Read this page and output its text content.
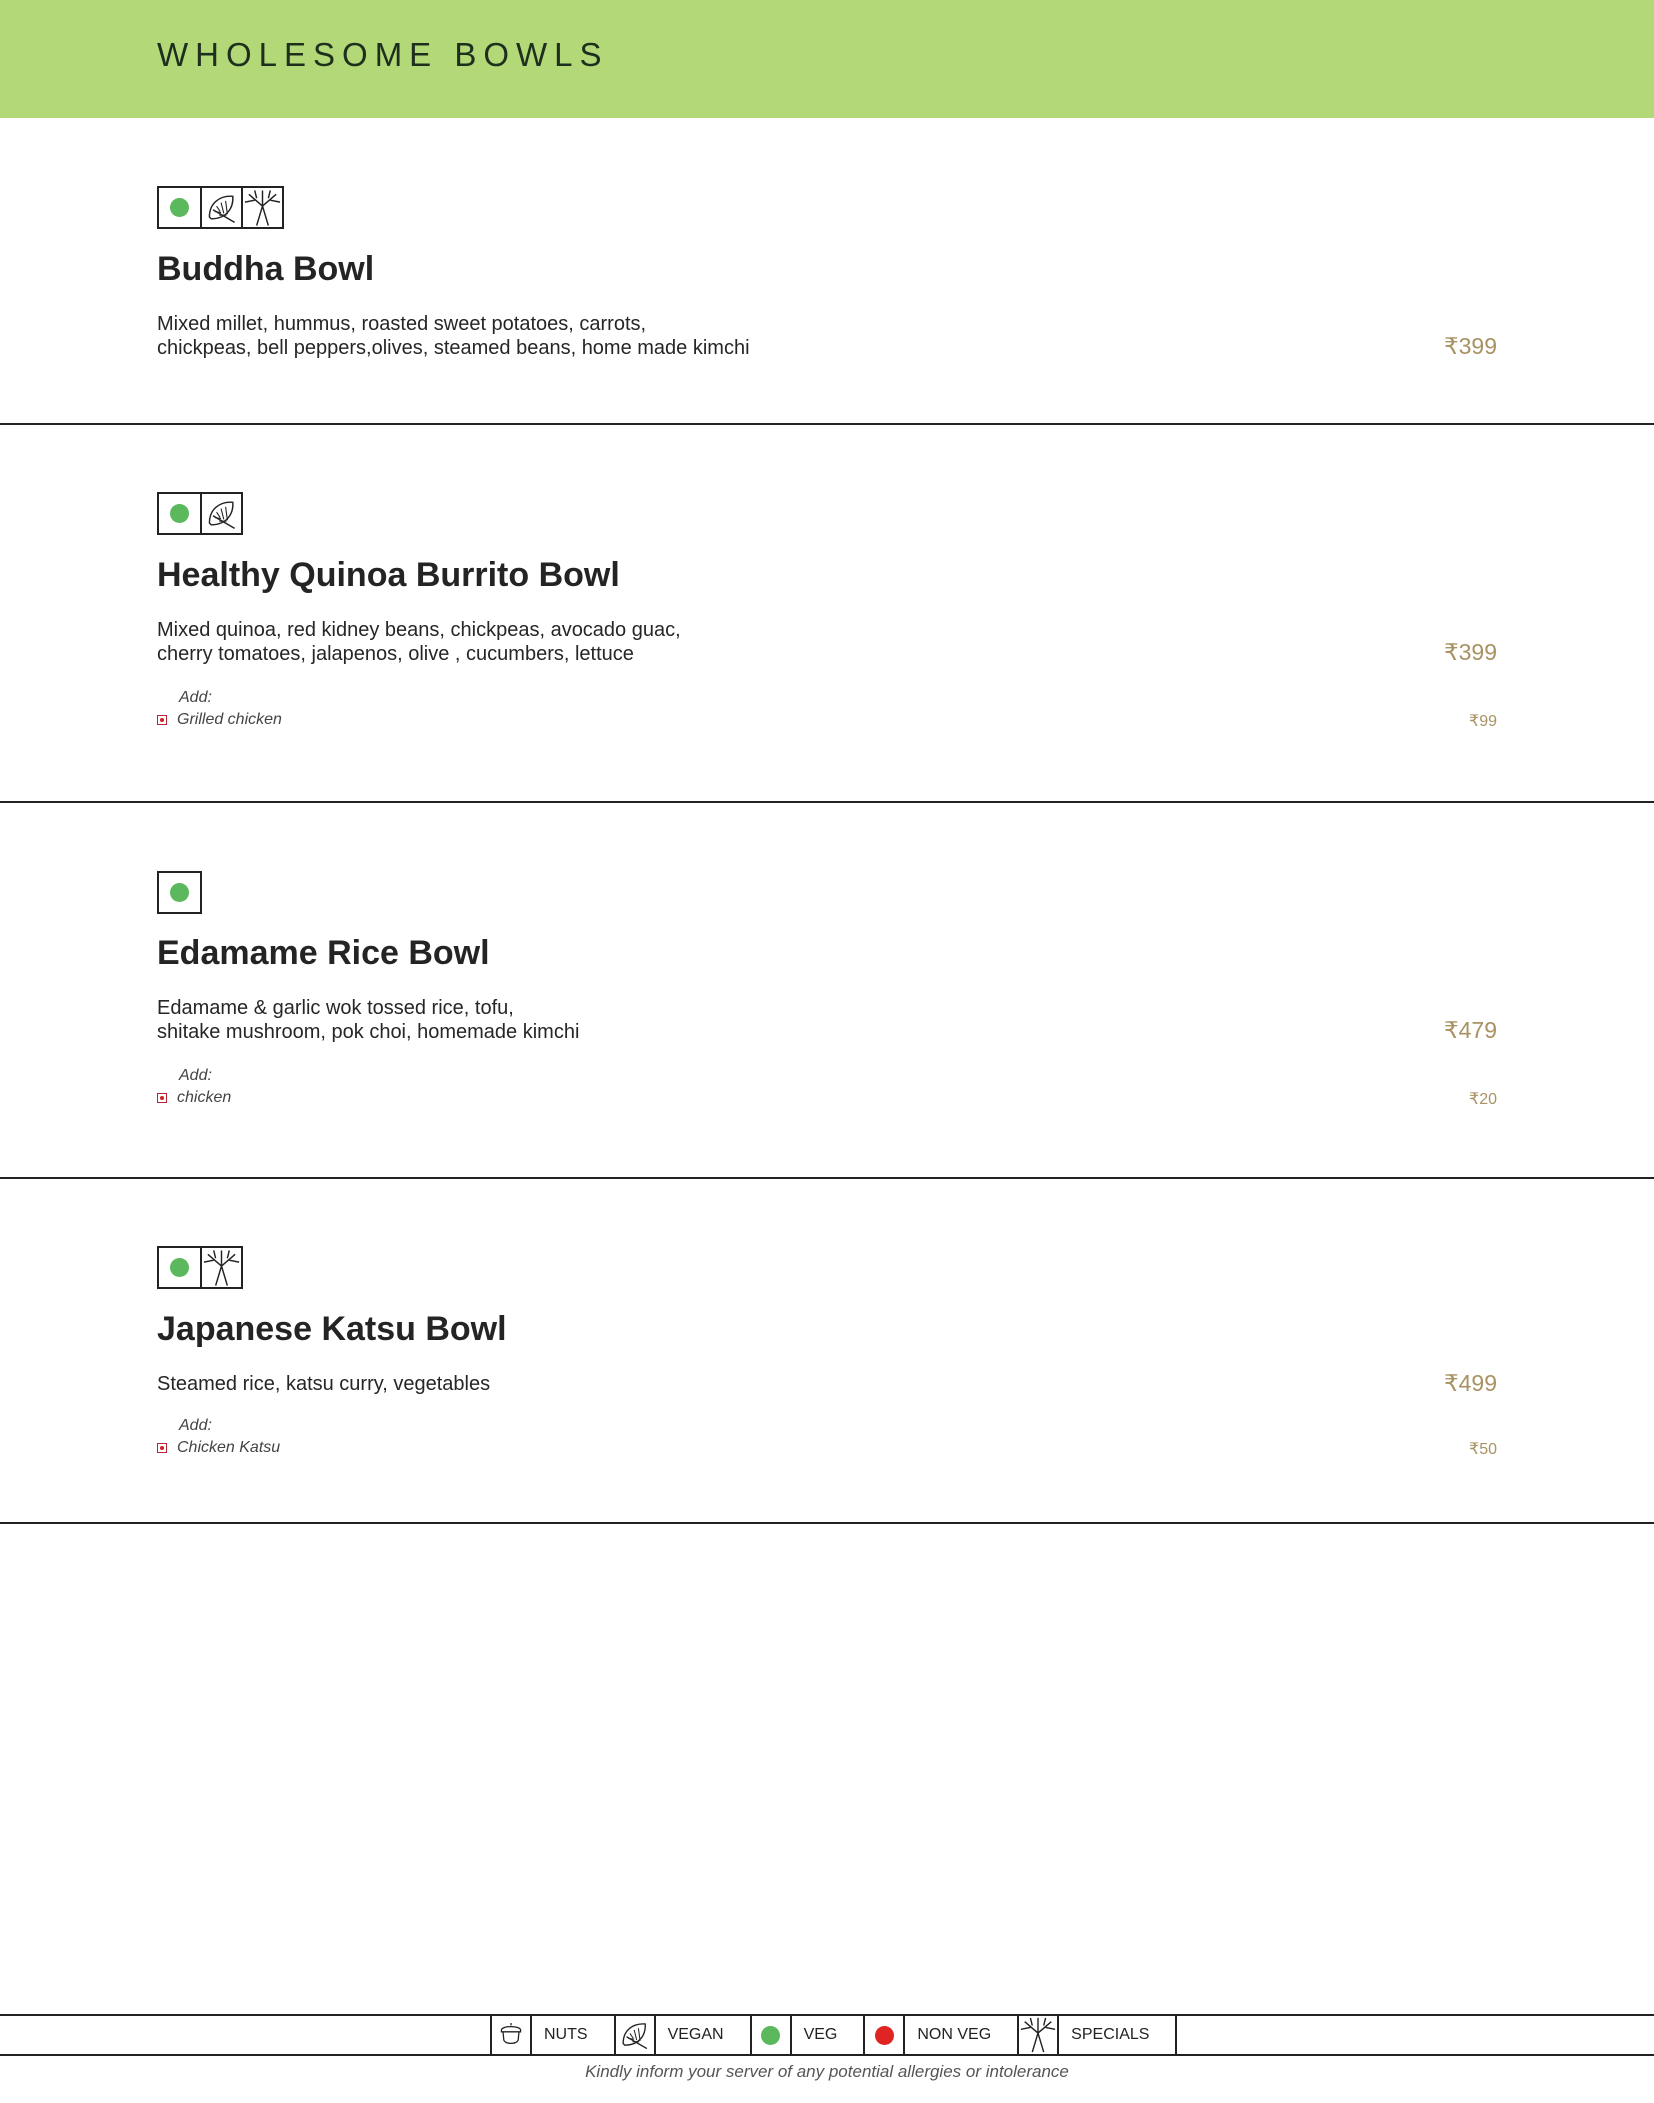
WHOLESOME BOWLS
Buddha Bowl
Mixed millet, hummus, roasted sweet potatoes, carrots,
chickpeas, bell peppers,olives, steamed beans, home made kimchi	₹399
Healthy Quinoa Burrito Bowl
Mixed quinoa, red kidney beans, chickpeas, avocado guac,
cherry tomatoes, jalapenos, olive , cucumbers, lettuce	₹399
Add:
Grilled chicken	₹99
Edamame Rice Bowl
Edamame & garlic wok tossed rice, tofu,
shitake mushroom, pok choi, homemade kimchi	₹479
Add:
chicken	₹20
Japanese Katsu Bowl
Steamed rice, katsu curry, vegetables	₹499
Add:
Chicken Katsu	₹50
NUTS	VEGAN	VEG	NON VEG	SPECIALS
Kindly inform your server of any potential allergies or intolerance
